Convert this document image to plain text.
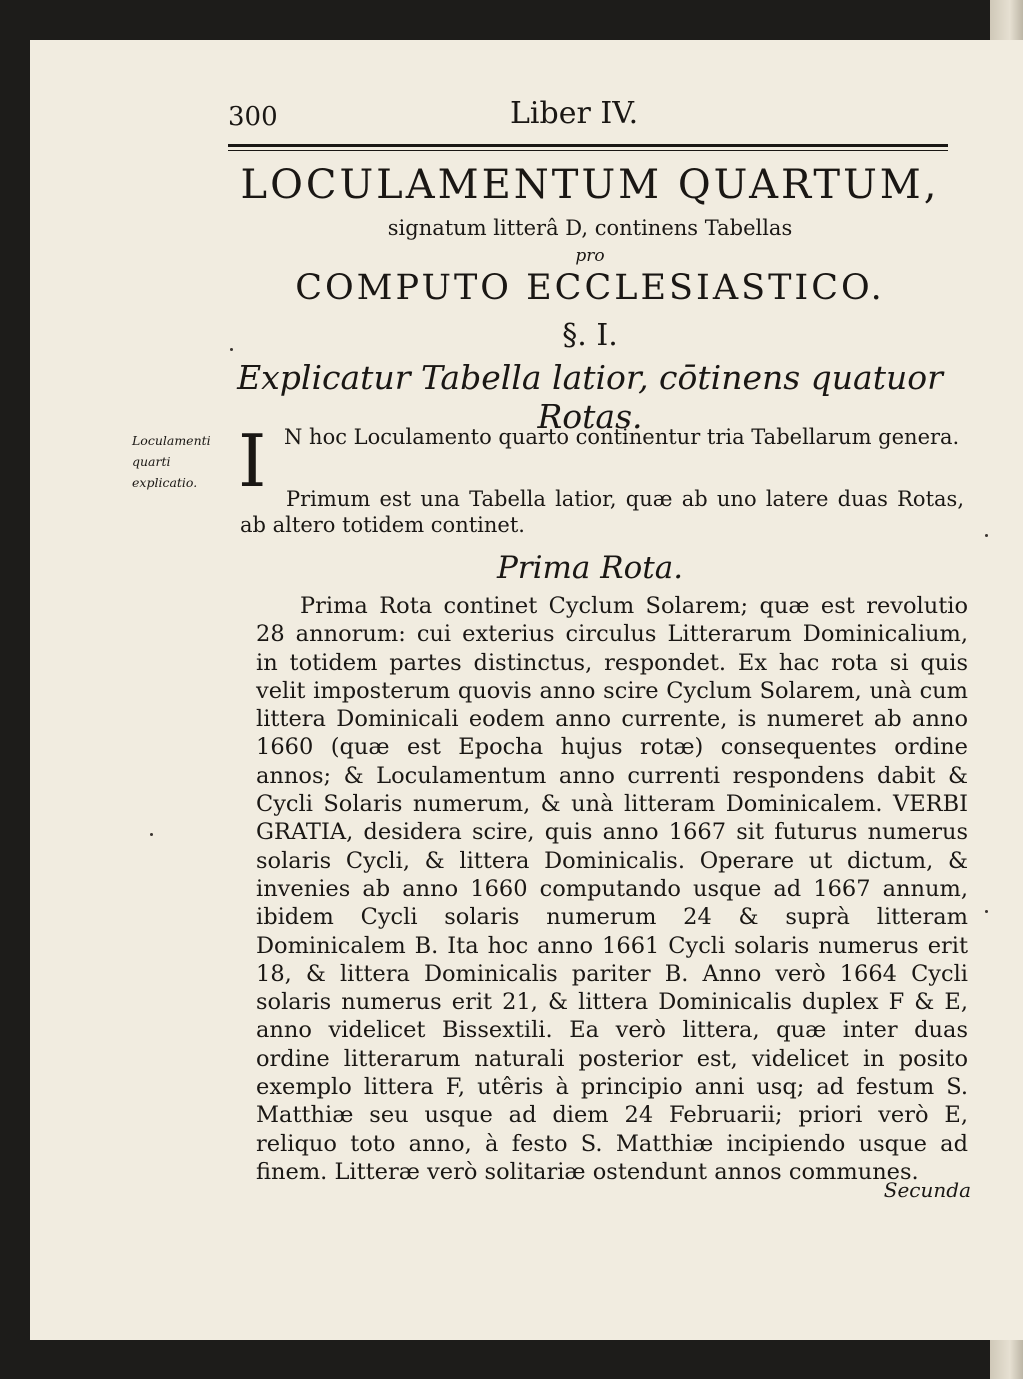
300	Liber IV.
LOCULAMENTUM QUARTUM,
signatum litterâ D, continens Tabellas
pro
COMPUTO ECCLESIASTICO.
§. I.
Explicatur Tabella latior, cōtinens quatuor Rotas.
Loculamenti quarti explicatio. I N hoc Loculamento quarto continentur tria Tabellarum genera.
Primum est una Tabella latior, quæ ab uno latere duas Rotas, ab altero totidem continet.
Prima Rota.
Prima Rota continet Cyclum Solarem; quæ est revolutio 28 annorum: cui exterius circulus Litterarum Dominicalium, in totidem partes distinctus, respondet. Ex hac rota si quis velit imposterum quovis anno scire Cyclum Solarem, unà cum littera Dominicali eodem anno currente, is numeret ab anno 1660 (quæ est Epocha hujus rotæ) consequentes ordine annos; & Loculamentum anno currenti respondens dabit & Cycli Solaris numerum, & unà litteram Dominicalem. VERBI GRATIA, desidera scire, quis anno 1667 sit futurus numerus solaris Cycli, & littera Dominicalis. Operare ut dictum, & invenies ab anno 1660 computando usque ad 1667 annum, ibidem Cycli solaris numerum 24 & suprà litteram Dominicalem B. Ita hoc anno 1661 Cycli solaris numerus erit 18, & littera Dominicalis pariter B. Anno verò 1664 Cycli solaris numerus erit 21, & littera Dominicalis duplex F & E, anno videlicet Bissextili. Ea verò littera, quæ inter duas ordine litterarum naturali posterior est, videlicet in posito exemplo littera F, utêris à principio anni usq; ad festum S. Matthiæ seu usque ad diem 24 Februarii; priori verò E, reliquo toto anno, à festo S. Matthiæ incipiendo usque ad finem. Litteræ verò solitariæ ostendunt annos communes.
Secunda
